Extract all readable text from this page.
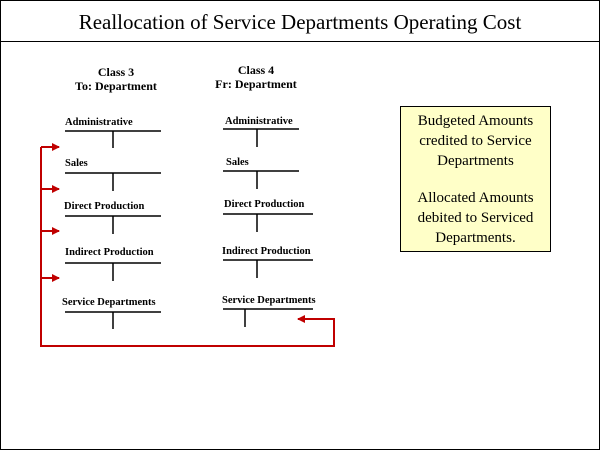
Reallocation of Service Departments Operating Cost
Class 3
To: Department
Class 4
Fr: Department
Administrative
Sales
Direct Production
Indirect Production
Service Departments
Administrative
Sales
Direct Production
Indirect Production
Service Departments

Budgeted Amounts credited to Service Departments

Allocated Amounts debited to Serviced Departments.
